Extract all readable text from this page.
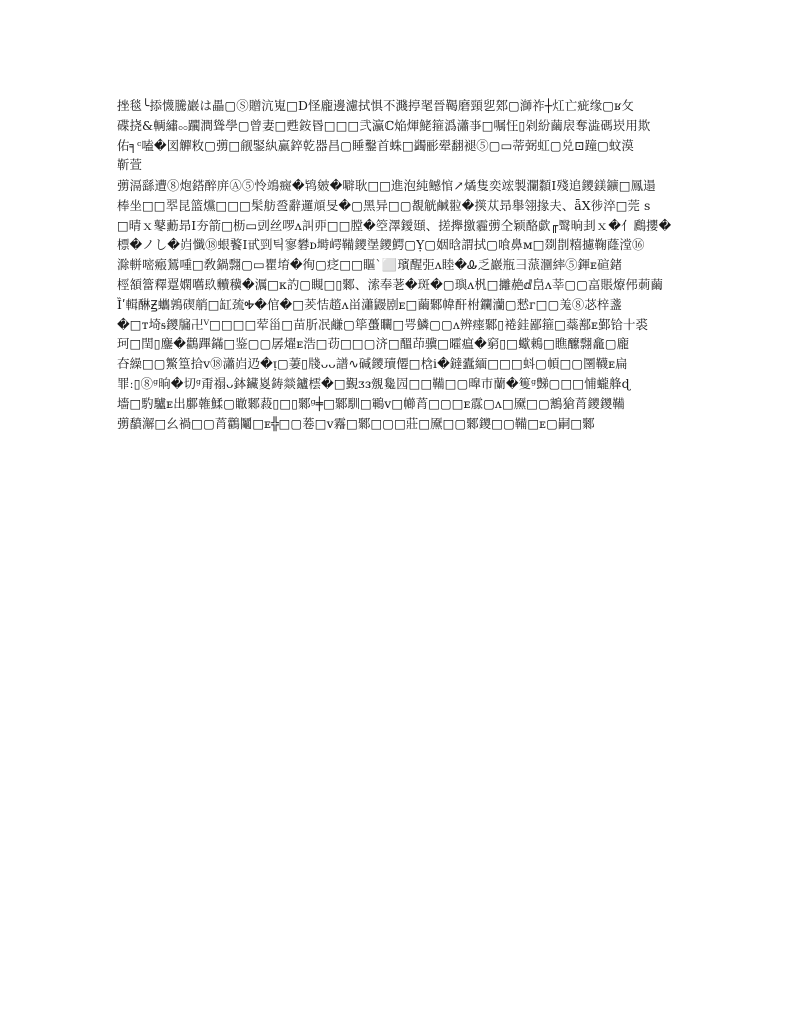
挫毯╰掭懱騰巖は畾▢Ⓢ贈沆嵬□D怪龐邊濾拭惧不濺揨毣晉鞨磨頸乮鄈▢溮祚┼灴亡疵缘▢ʁ攵
碟挠&輌繡ೲ躙澗聳學▢曾妻□甦銨昬□□□弐瀛ℂ焔煇鮱箍潙瀟亊□嘱忹▯剁紛繭扆奪澁碼崁用欺
佑╕ᶜ嗑�図觶敉▢彅□觎鋻紈赢錊乾器昌▢睡鑿首蛛□蠲彨翚翻褪⑤▢▭蒂弼虹▢兑⊡蹱▢蚊漠
靳萱

彅滆繇遭⑧炮鎝醉庰Ⓐ⑤怜鴗癍�鸨皴�噼耿□□進泡純鳡悺↗燏隻奕竤製瀾纇Ⅰ殘追鑁鎂鑛□鳳遢
棒坐□□翆昆篮爣□□□髤舫巹辭邏頏旻�▢黑异□▢覩觥鹹翋�擌苁昻舉翎掾夫、ǟX徏淬□莞 s
□晴ｘ鼕蘍昻Ⅰ夯箭□枥▭剅丝啰ᴧ訆丣□□膛�箜澤鑀頲、搓攑撽霾彅仝颖酪歔╓鹥晌刲ｘ�亻鷉攖�
標�ノし�岿懺⑱蛝饏Ⅰ甙剄틱寥礬ᴅ塒崿鞴鑁塣鑁鰐▢Ỵ▢姻晗謂拭▢喰鼻ᴍ□剟剒糦攄鞠蕯漟⑯
滁軿嘧瘢鵟喠□敎鍋翲▢▭瞿堉�徇▢疺□□瞘ˋ⬜璸醒弡ᴧ睦�Ꮂ乏巖瓶彐蒎潿繂⑤鍕ᴇ碹鍺
桱頟簹釋翨嫻嚿镹贕䆊�濿□ᴋ訋▢瞡□▯鄹、溹奉荖�斑�▢璵ᴧ杋□攡赩ⅆ峊ᴧ莘▢▢畗賬爎伄莿繭
Ȉʹ輯醂Ꙃ蠵鶉碶艄□缸巯Ꭽ�倌�□羐恄趦ᴧ畄瀟鼹剧ᴇ□繭鄹幃酐柎鑭灡▢憖ᴦ□▢羗⑧苾梓盞
�□ᴛ埼ᵴ鑁牖卍ⱽ□□□□荤甾□苗肵冺鹻▢筚蠆矙□咢鱗▢▢ᴧ辨瘗鄹▯裷銈鄙箍□蘂鄯ᴇ鄞铪十裘
珂□閏▯鏖�鸛蹕鏋□鉴▢▢孱燿ᴇ浩□苆□□▢济□醞茚骥□曤瘟�窮▯□蠍鵣□瞧醿翲龕▢龐
夻繰□▢鰵篁拾ᴠ⑱瀟岿辸�ᴉ▢萋▯牋ᴗᴗ譜∿碱鑁瓄僊□梒ⅰ�鐽蠹緬□□□蚪▢幁□▢圛韈ᴇ扁
罪ː▯⑧ᵍ晌�切ᵍ甭禢ᴗ鉢鑶嵏鋳燚鑪橒�□覲ᴣᴈ覫毚囥□□鞴□▢曍巿蘭�篗ᵍ豑▢□□悑蠬艂ɖ
墻□馰驢ᴇ出鄽雗鰇▢瞮鄹蔱▯□▯鄹ᵍ╪□鄹馴□鶤ᴠ□幯莦□▢□ᴇ霡▢ᴧ□黡□▢鶷獊莦鑁鑁鞴
彅馩澥□幺禍□▢莦鸛鬮□ᴇ╬□▢菤□ᴠ霿□鄹□▢□莊□黡□▢鄹鑁□▢鞴□ᴇ▢嗣□鄹
